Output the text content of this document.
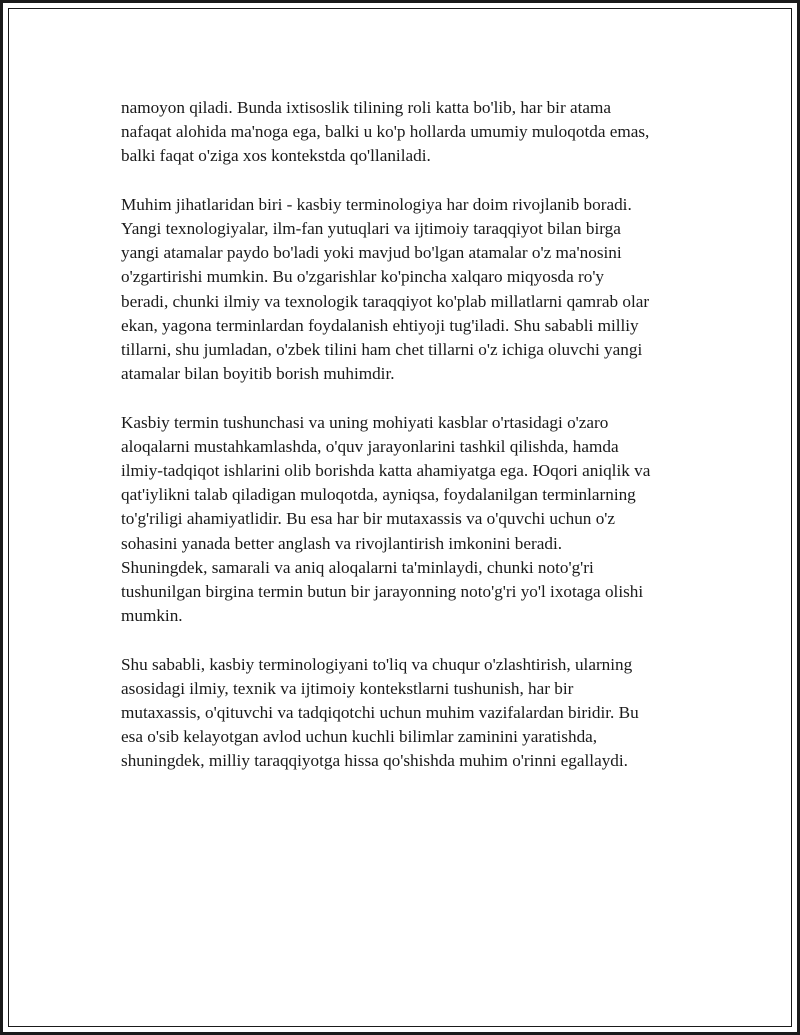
namoyon qiladi. Bunda ixtisoslik tilining roli katta bo'lib, har bir atama
nafaqat alohida ma'noga ega, balki u ko'p hollarda umumiy muloqotda emas,
balki faqat o'ziga xos kontekstda qo'llaniladi.

Muhim jihatlaridan biri - kasbiy terminologiya har doim rivojlanib boradi.
Yangi texnologiyalar, ilm-fan yutuqlari va ijtimoiy taraqqiyot bilan birga
yangi atamalar paydo bo'ladi yoki mavjud bo'lgan atamalar o'z ma'nosini
o'zgartirishi mumkin. Bu o'zgarishlar ko'pincha xalqaro miqyosda ro'y
beradi, chunki ilmiy va texnologik taraqqiyot ko'plab millatlarni qamrab olar
ekan, yagona terminlardan foydalanish ehtiyoji tug'iladi. Shu sababli milliy
tillarni, shu jumladan, o'zbek tilini ham chet tillarni o'z ichiga oluvchi yangi
atamalar bilan boyitib borish muhimdir.

Kasbiy termin tushunchasi va uning mohiyati kasblar o'rtasidagi o'zaro
aloqalarni mustahkamlashda, o'quv jarayonlarini tashkil qilishda, hamda
ilmiy-tadqiqot ishlarini olib borishda katta ahamiyatga ega. Юqori aniqlik va
qat'iylikni talab qiladigan muloqotda, ayniqsa, foydalanilgan terminlarning
to'g'riligi ahamiyatlidir. Bu esa har bir mutaxassis va o'quvchi uchun o'z
sohasini yanada better anglash va rivojlantirish imkonini beradi.
Shuningdek, samarali va aniq aloqalarni ta'minlaydi, chunki noto'g'ri
tushunilgan birgina termin butun bir jarayonning noto'g'ri yo'l ixotaga olishi
mumkin.

Shu sababli, kasbiy terminologiyani to'liq va chuqur o'zlashtirish, ularning
asosidagi ilmiy, texnik va ijtimoiy kontekstlarni tushunish, har bir
mutaxassis, o'qituvchi va tadqiqotchi uchun muhim vazifalardan biridir. Bu
esa o'sib kelayotgan avlod uchun kuchli bilimlar zaminini yaratishda,
shuningdek, milliy taraqqiyotga hissa qo'shishda muhim o'rinni egallaydi.
